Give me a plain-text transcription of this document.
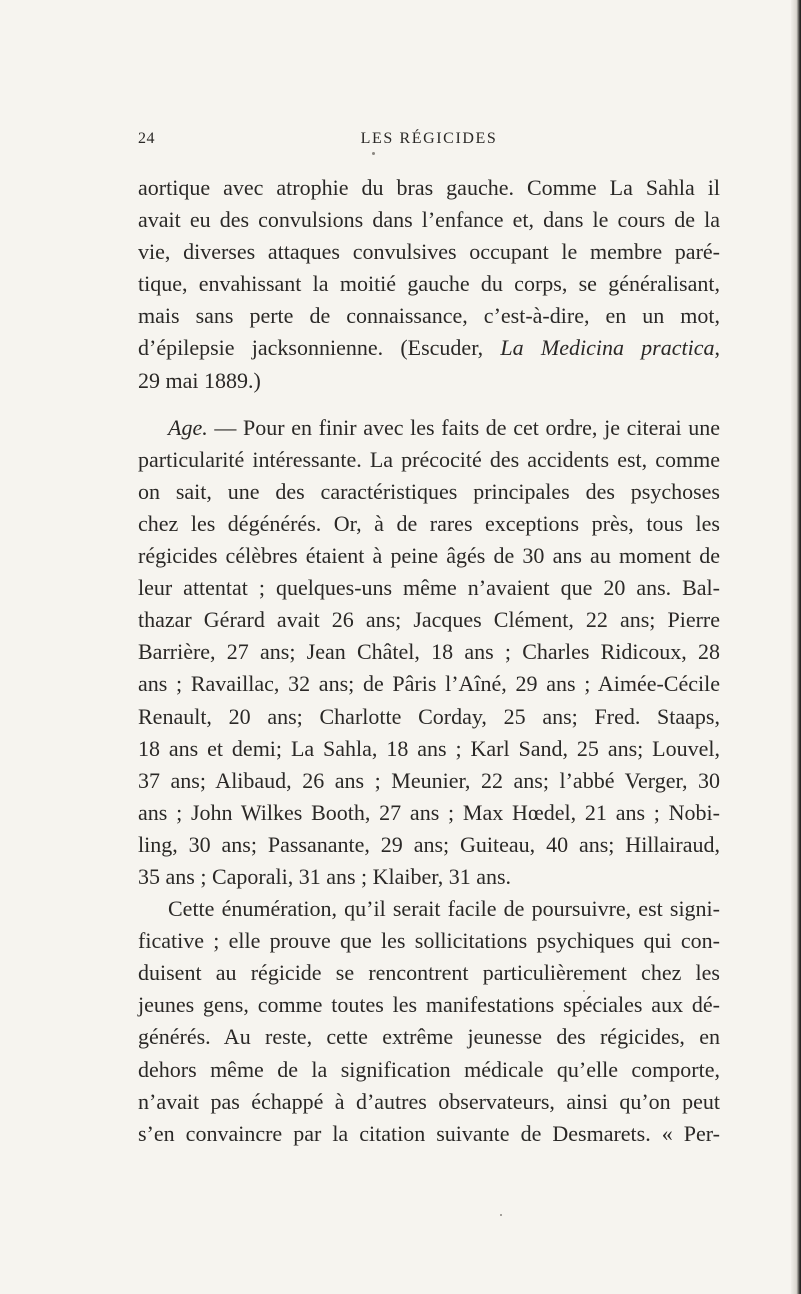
24	LES RÉGICIDES

aortique avec atrophie du bras gauche. Comme La Sahla il
avait eu des convulsions dans l’enfance et, dans le cours de la
vie, diverses attaques convulsives occupant le membre paré-
tique, envahissant la moitié gauche du corps, se généralisant,
mais sans perte de connaissance, c’est-à-dire, en un mot,
d’épilepsie jacksonnienne. (Escuder, La Medicina practica,
29 mai 1889.)

Age. — Pour en finir avec les faits de cet ordre, je citerai une
particularité intéressante. La précocité des accidents est, comme
on sait, une des caractéristiques principales des psychoses
chez les dégénérés. Or, à de rares exceptions près, tous les
régicides célèbres étaient à peine âgés de 30 ans au moment de
leur attentat ; quelques-uns même n’avaient que 20 ans. Bal-
thazar Gérard avait 26 ans; Jacques Clément, 22 ans; Pierre
Barrière, 27 ans; Jean Châtel, 18 ans ; Charles Ridicoux, 28
ans ; Ravaillac, 32 ans; de Pâris l’Aîné, 29 ans ; Aimée-Cécile
Renault, 20 ans; Charlotte Corday, 25 ans; Fred. Staaps,
18 ans et demi; La Sahla, 18 ans ; Karl Sand, 25 ans; Louvel,
37 ans; Alibaud, 26 ans ; Meunier, 22 ans; l’abbé Verger, 30
ans ; John Wilkes Booth, 27 ans ; Max Hœdel, 21 ans ; Nobi-
ling, 30 ans; Passanante, 29 ans; Guiteau, 40 ans; Hillairaud,
35 ans ; Caporali, 31 ans ; Klaiber, 31 ans.

Cette énumération, qu’il serait facile de poursuivre, est signi-
ficative ; elle prouve que les sollicitations psychiques qui con-
duisent au régicide se rencontrent particulièrement chez les
jeunes gens, comme toutes les manifestations spéciales aux dé-
générés. Au reste, cette extrême jeunesse des régicides, en
dehors même de la signification médicale qu’elle comporte,
n’avait pas échappé à d’autres observateurs, ainsi qu’on peut
s’en convaincre par la citation suivante de Desmarets. « Per-
